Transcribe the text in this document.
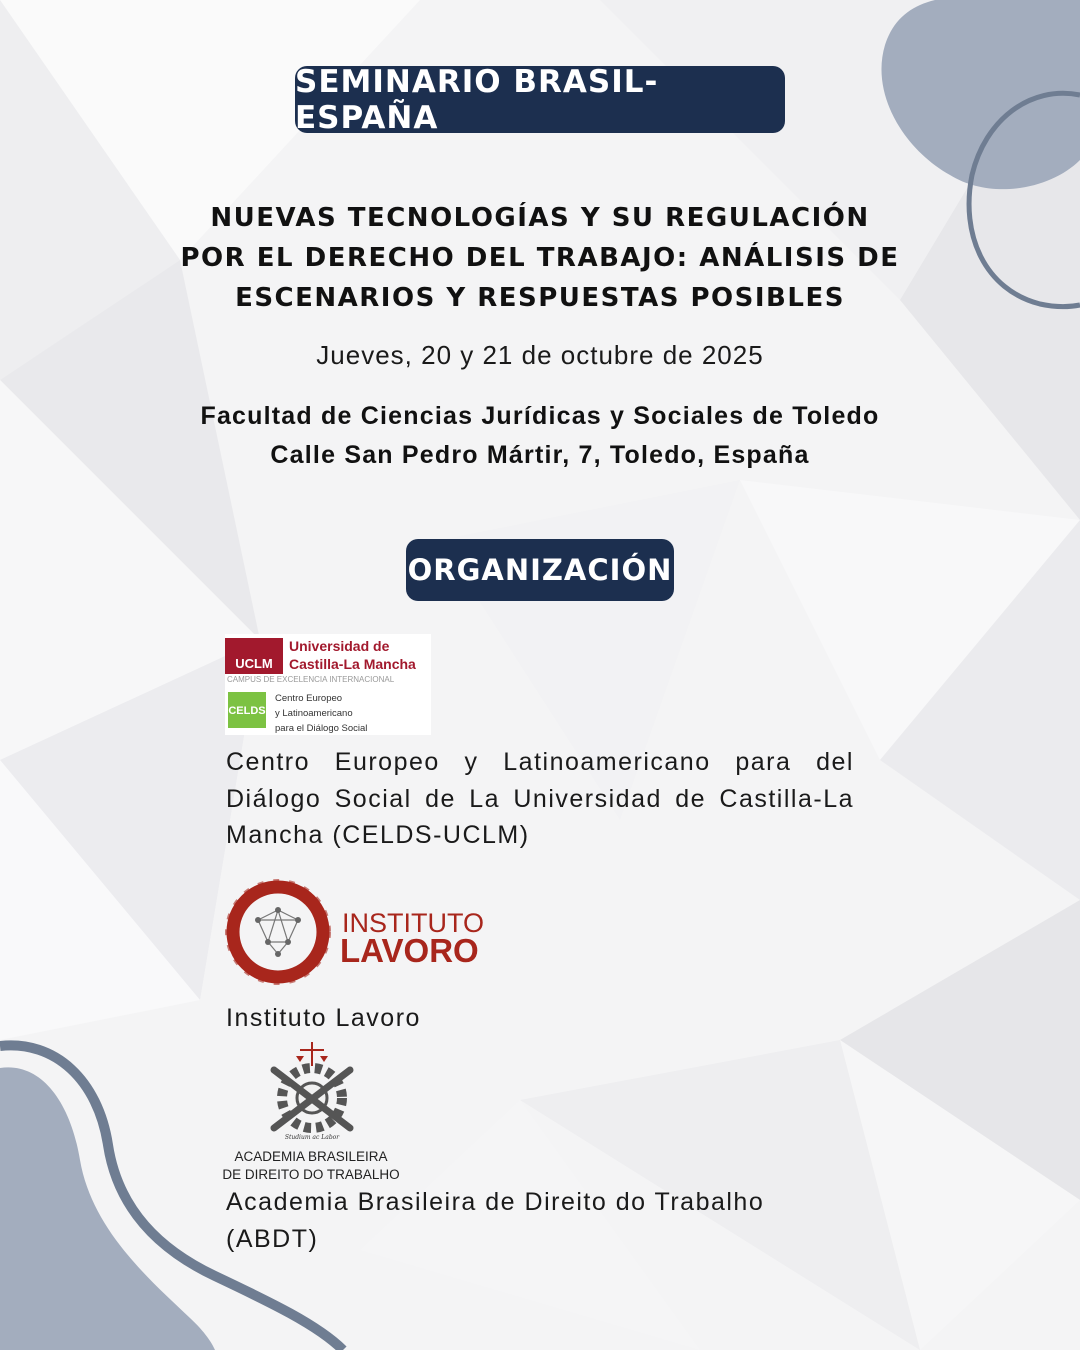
SEMINARIO BRASIL-ESPAÑA
NUEVAS TECNOLOGÍAS Y SU REGULACIÓN
POR EL DERECHO DEL TRABAJO: ANÁLISIS DE
ESCENARIOS Y RESPUESTAS POSIBLES
Jueves, 20 y 21 de octubre de 2025
Facultad de Ciencias Jurídicas y Sociales de Toledo
Calle San Pedro Mártir, 7, Toledo, España
ORGANIZACIÓN
UCLM
Universidad de
Castilla-La Mancha
CAMPUS DE EXCELENCIA INTERNACIONAL
CELDS
Centro Europeo
y Latinoamericano
para el Diálogo Social
Centro Europeo y Latinoamericano para del Diálogo Social de La Universidad de Castilla-La Mancha (CELDS-UCLM)
INSTITUTO
LAVORO
Instituto Lavoro
Studium ac Labor
ACADEMIA BRASILEIRA
DE DIREITO DO TRABALHO
Academia Brasileira de Direito do Trabalho (ABDT)
